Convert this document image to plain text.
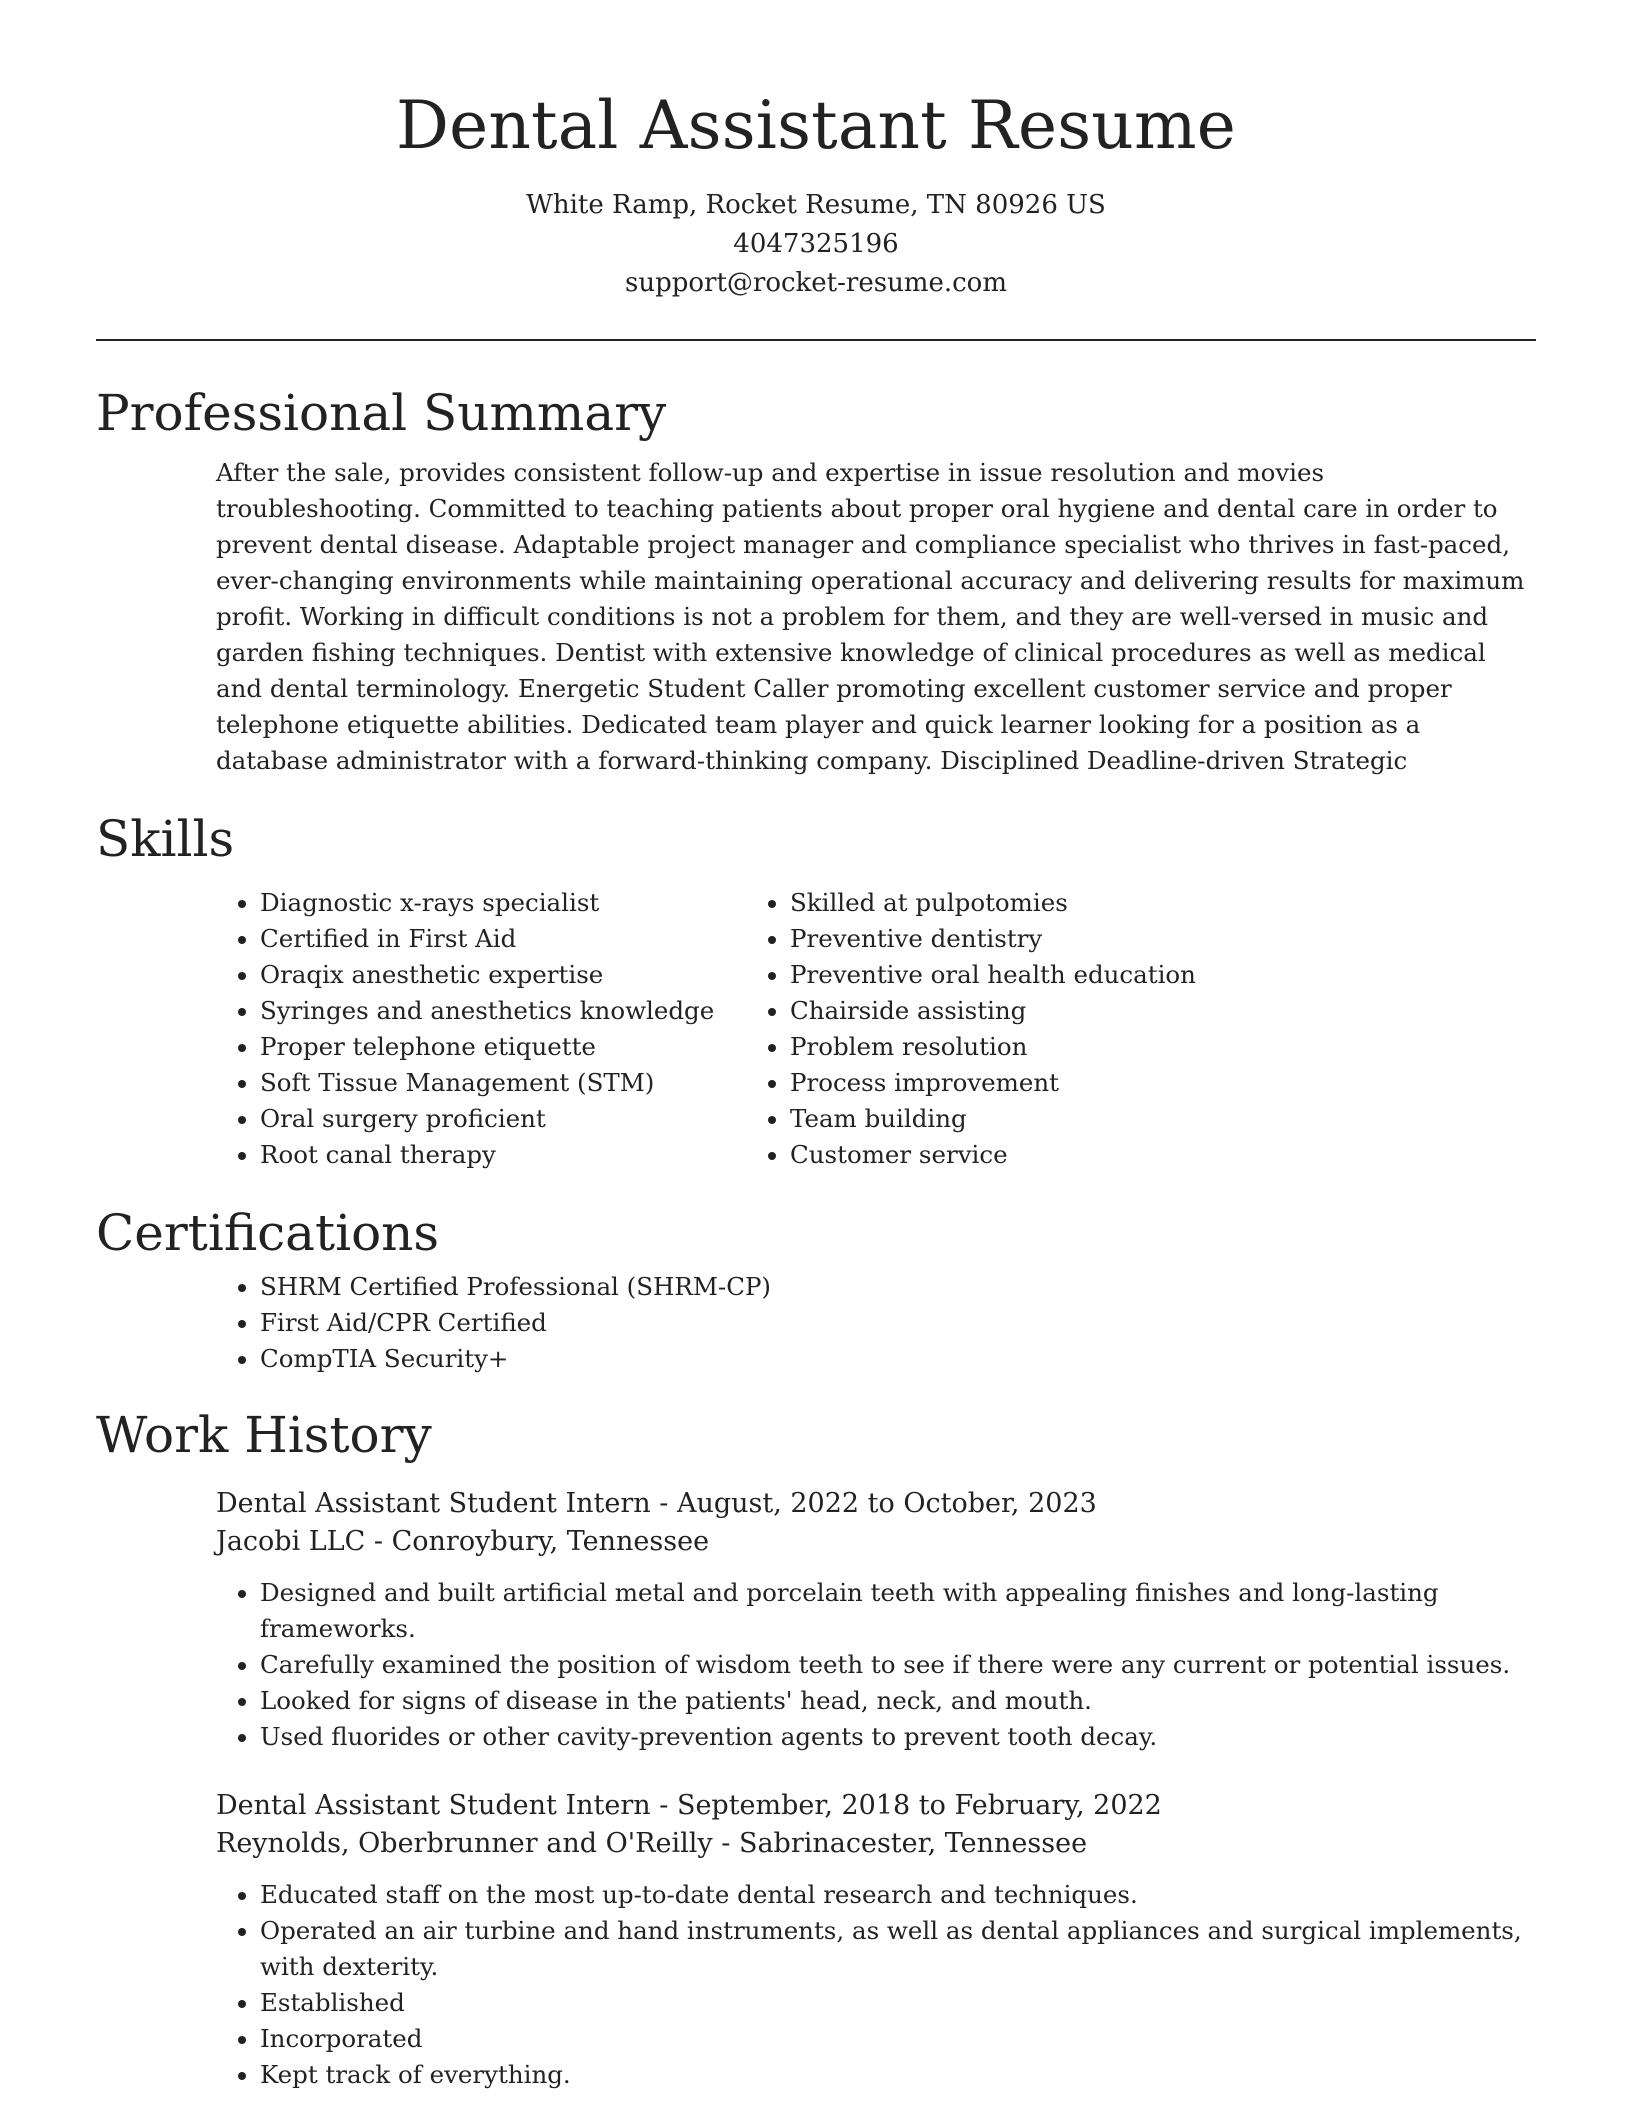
Dental Assistant Resume
White Ramp, Rocket Resume, TN 80926 US
4047325196
support@rocket-resume.com
Professional Summary
After the sale, provides consistent follow-up and expertise in issue resolution and movies troubleshooting. Committed to teaching patients about proper oral hygiene and dental care in order to prevent dental disease. Adaptable project manager and compliance specialist who thrives in fast-paced, ever-changing environments while maintaining operational accuracy and delivering results for maximum profit. Working in difficult conditions is not a problem for them, and they are well-versed in music and garden fishing techniques. Dentist with extensive knowledge of clinical procedures as well as medical and dental terminology. Energetic Student Caller promoting excellent customer service and proper telephone etiquette abilities. Dedicated team player and quick learner looking for a position as a database administrator with a forward-thinking company. Disciplined Deadline-driven Strategic
Skills
• Diagnostic x-rays specialist
• Certified in First Aid
• Oraqix anesthetic expertise
• Syringes and anesthetics knowledge
• Proper telephone etiquette
• Soft Tissue Management (STM)
• Oral surgery proficient
• Root canal therapy
• Skilled at pulpotomies
• Preventive dentistry
• Preventive oral health education
• Chairside assisting
• Problem resolution
• Process improvement
• Team building
• Customer service
Certifications
• SHRM Certified Professional (SHRM-CP)
• First Aid/CPR Certified
• CompTIA Security+
Work History
Dental Assistant Student Intern - August, 2022 to October, 2023
Jacobi LLC - Conroybury, Tennessee
• Designed and built artificial metal and porcelain teeth with appealing finishes and long-lasting frameworks.
• Carefully examined the position of wisdom teeth to see if there were any current or potential issues.
• Looked for signs of disease in the patients' head, neck, and mouth.
• Used fluorides or other cavity-prevention agents to prevent tooth decay.
Dental Assistant Student Intern - September, 2018 to February, 2022
Reynolds, Oberbrunner and O'Reilly - Sabrinacester, Tennessee
• Educated staff on the most up-to-date dental research and techniques.
• Operated an air turbine and hand instruments, as well as dental appliances and surgical implements, with dexterity.
• Established
• Incorporated
• Kept track of everything.
